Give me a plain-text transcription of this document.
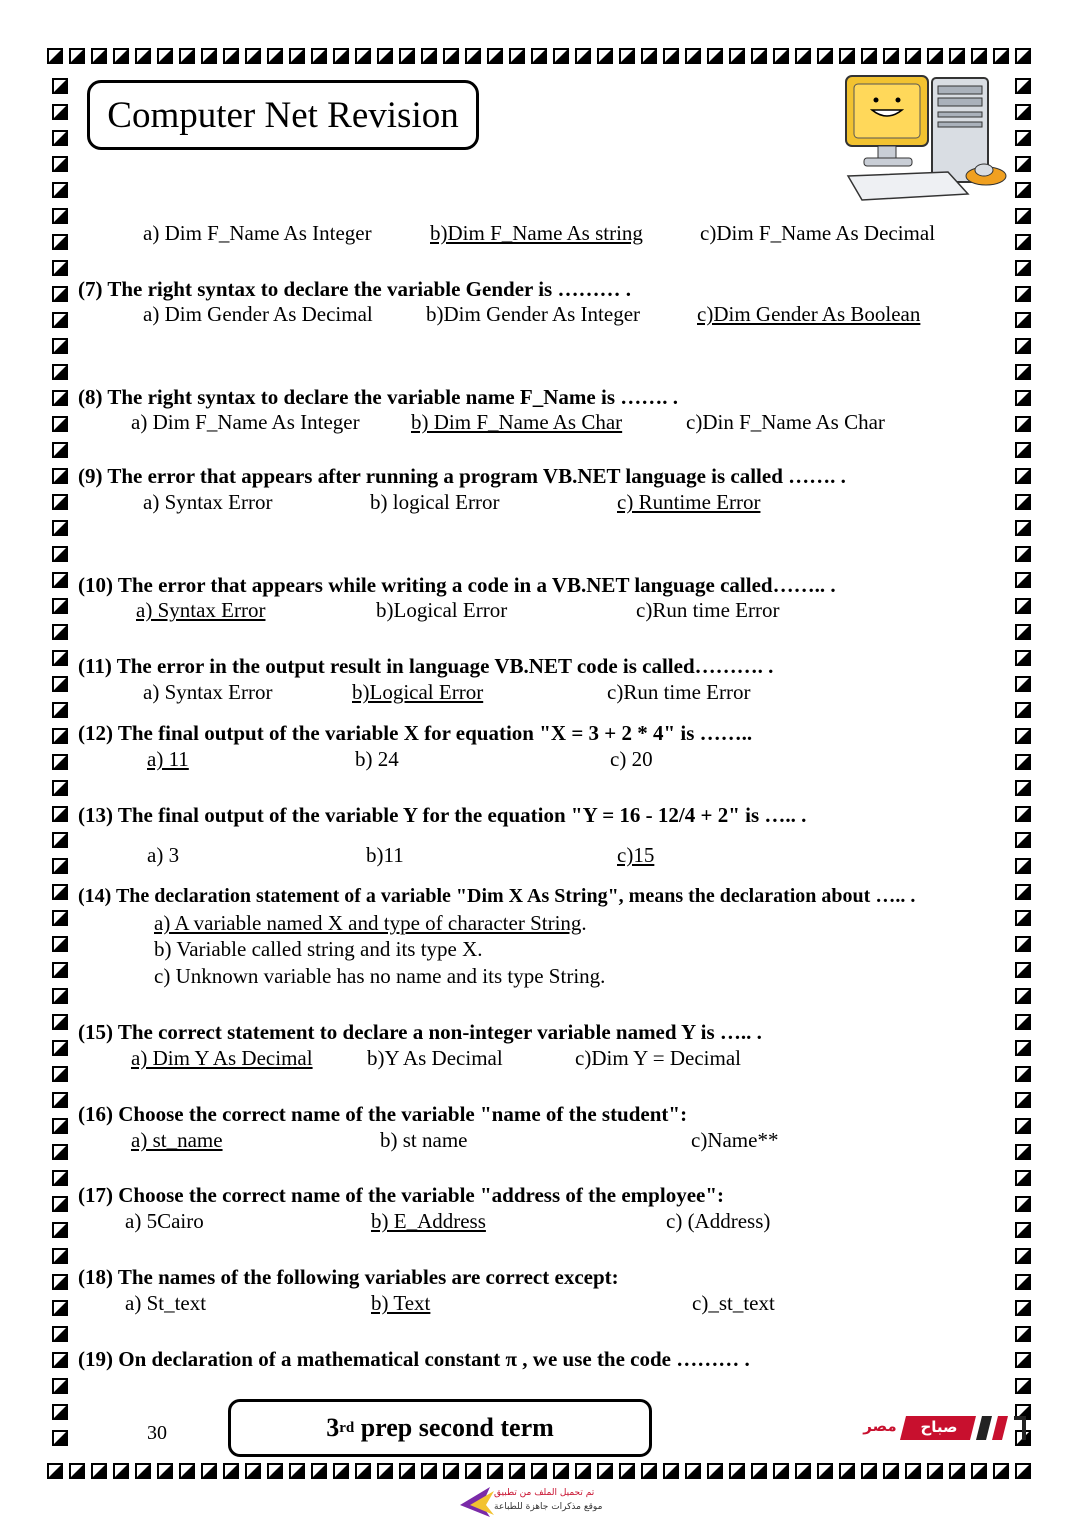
Computer Net Revision
a) Dim F_Name As Integer	b)Dim F_Name As string	c)Dim F_Name As Decimal
(7) The right syntax to declare the variable Gender is ……… .
a) Dim Gender As Decimal	b)Dim Gender As Integer	c)Dim Gender As Boolean
(8) The right syntax to declare the variable name F_Name is ……. .
a) Dim F_Name As Integer b) Dim F_Name As Char	c)Din F_Name As Char
(9) The error that appears after running a program VB.NET language is called ……. .
a) Syntax Error	b) logical Error	c) Runtime Error
(10) The error that appears while writing a code in a VB.NET language called…….. .
a) Syntax Error	b)Logical Error	c)Run time Error
(11) The error in the output result in language VB.NET code is called………. .
a) Syntax Error	b)Logical Error	c)Run time Error
(12) The final output of the variable X for equation "X = 3 + 2 * 4" is ……..
a) 11	b) 24	c) 20
(13) The final output of the variable Y for the equation "Y = 16 - 12/4 + 2" is ….. .
a) 3	b)11	c)15
(14) The declaration statement of a variable "Dim X As String", means the declaration about ….. .
a) A variable named X and type of character String.
b) Variable called string and its type X.
c) Unknown variable has no name and its type String.
(15) The correct statement to declare a non-integer variable named Y is ….. .
a) Dim Y As Decimal	b)Y As Decimal	c)Dim Y = Decimal
(16) Choose the correct name of the variable "name of the student":
a) st_name	b) st name	c)Name**
(17) Choose the correct name of the variable "address of the employee":
a) 5Cairo	b) E_Address	c) (Address)
(18) The names of the following variables are correct except:
a) St_text	b) Text	c)_st_text
(19) On declaration of a mathematical constant π , we use the code ……… .
30	3 rd prep second term	صباح
مصر
تم تحميل الملف من تطبيق
موقع مذكرات جاهزة للطباعة
